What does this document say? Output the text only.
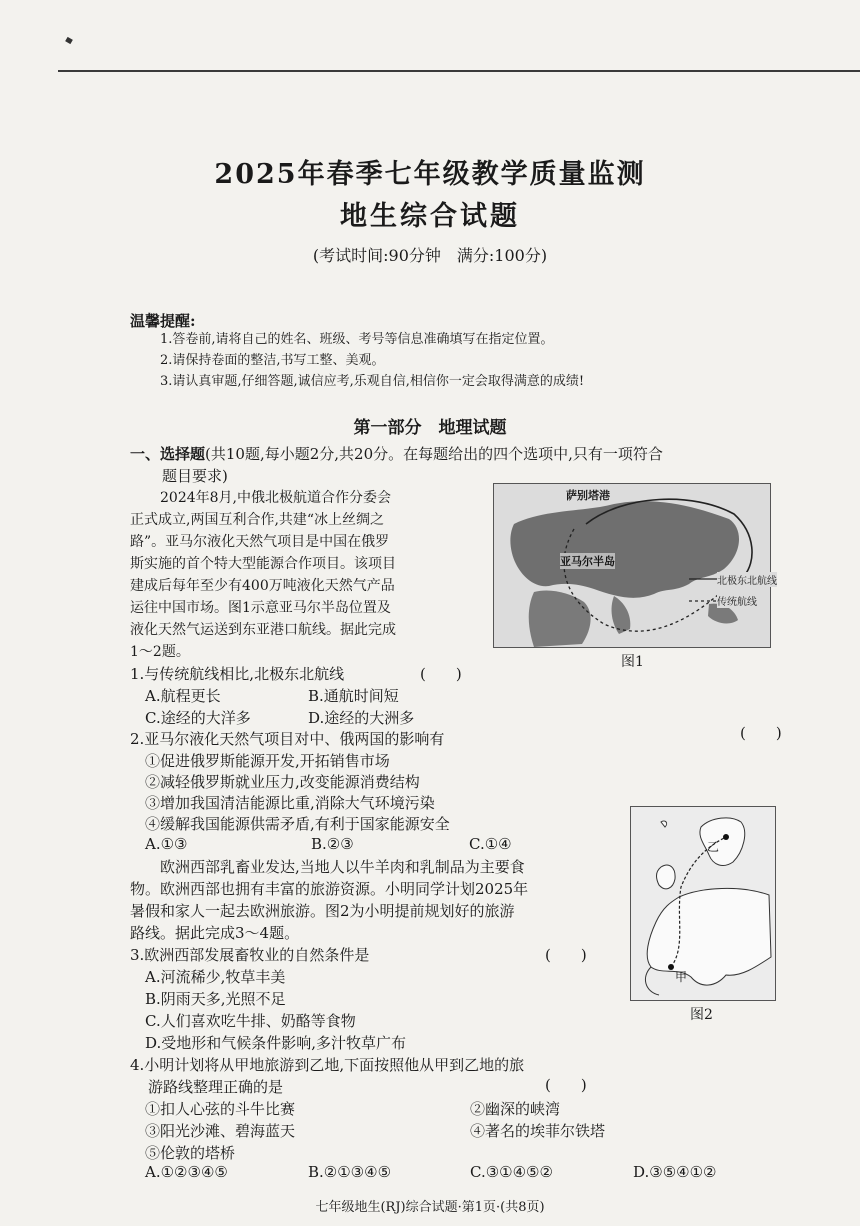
2025年春季七年级教学质量监测
地生综合试题
(考试时间:90分钟　满分:100分)
温馨提醒:
1.答卷前,请将自己的姓名、班级、考号等信息准确填写在指定位置。
2.请保持卷面的整洁,书写工整、美观。
3.请认真审题,仔细答题,诚信应考,乐观自信,相信你一定会取得满意的成绩!
第一部分　地理试题
一、选择题(共10题,每小题2分,共20分。在每题给出的四个选项中,只有一项符合
题目要求)
2024年8月,中俄北极航道合作分委会
正式成立,两国互利合作,共建“冰上丝绸之
路”。亚马尔液化天然气项目是中国在俄罗
斯实施的首个特大型能源合作项目。该项目
建成后每年至少有400万吨液化天然气产品
运往中国市场。图1示意亚马尔半岛位置及
液化天然气运送到东亚港口航线。据此完成
1～2题。
萨别塔港
亚马尔半岛
北极东北航线
传统航线
图1
1.与传统航线相比,北极东北航线	(　　)
A.航程更长	B.通航时间短
C.途经的大洋多	D.途经的大洲多
2.亚马尔液化天然气项目对中、俄两国的影响有	(　　)
①促进俄罗斯能源开发,开拓销售市场
②减轻俄罗斯就业压力,改变能源消费结构
③增加我国清洁能源比重,消除大气环境污染
④缓解我国能源供需矛盾,有利于国家能源安全
A.①③	B.②③	C.①④
欧洲西部乳畜业发达,当地人以牛羊肉和乳制品为主要食
物。欧洲西部也拥有丰富的旅游资源。小明同学计划2025年
暑假和家人一起去欧洲旅游。图2为小明提前规划好的旅游
路线。据此完成3～4题。
乙
甲
图2
3.欧洲西部发展畜牧业的自然条件是	(　　)
A.河流稀少,牧草丰美
B.阴雨天多,光照不足
C.人们喜欢吃牛排、奶酪等食物
D.受地形和气候条件影响,多汁牧草广布
4.小明计划将从甲地旅游到乙地,下面按照他从甲到乙地的旅
游路线整理正确的是	(　　)
①扣人心弦的斗牛比赛	②幽深的峡湾
③阳光沙滩、碧海蓝天	④著名的埃菲尔铁塔
⑤伦敦的塔桥
A.①②③④⑤	B.②①③④⑤	C.③①④⑤②	D.③⑤④①②
七年级地生(RJ)综合试题·第1页·(共8页)
